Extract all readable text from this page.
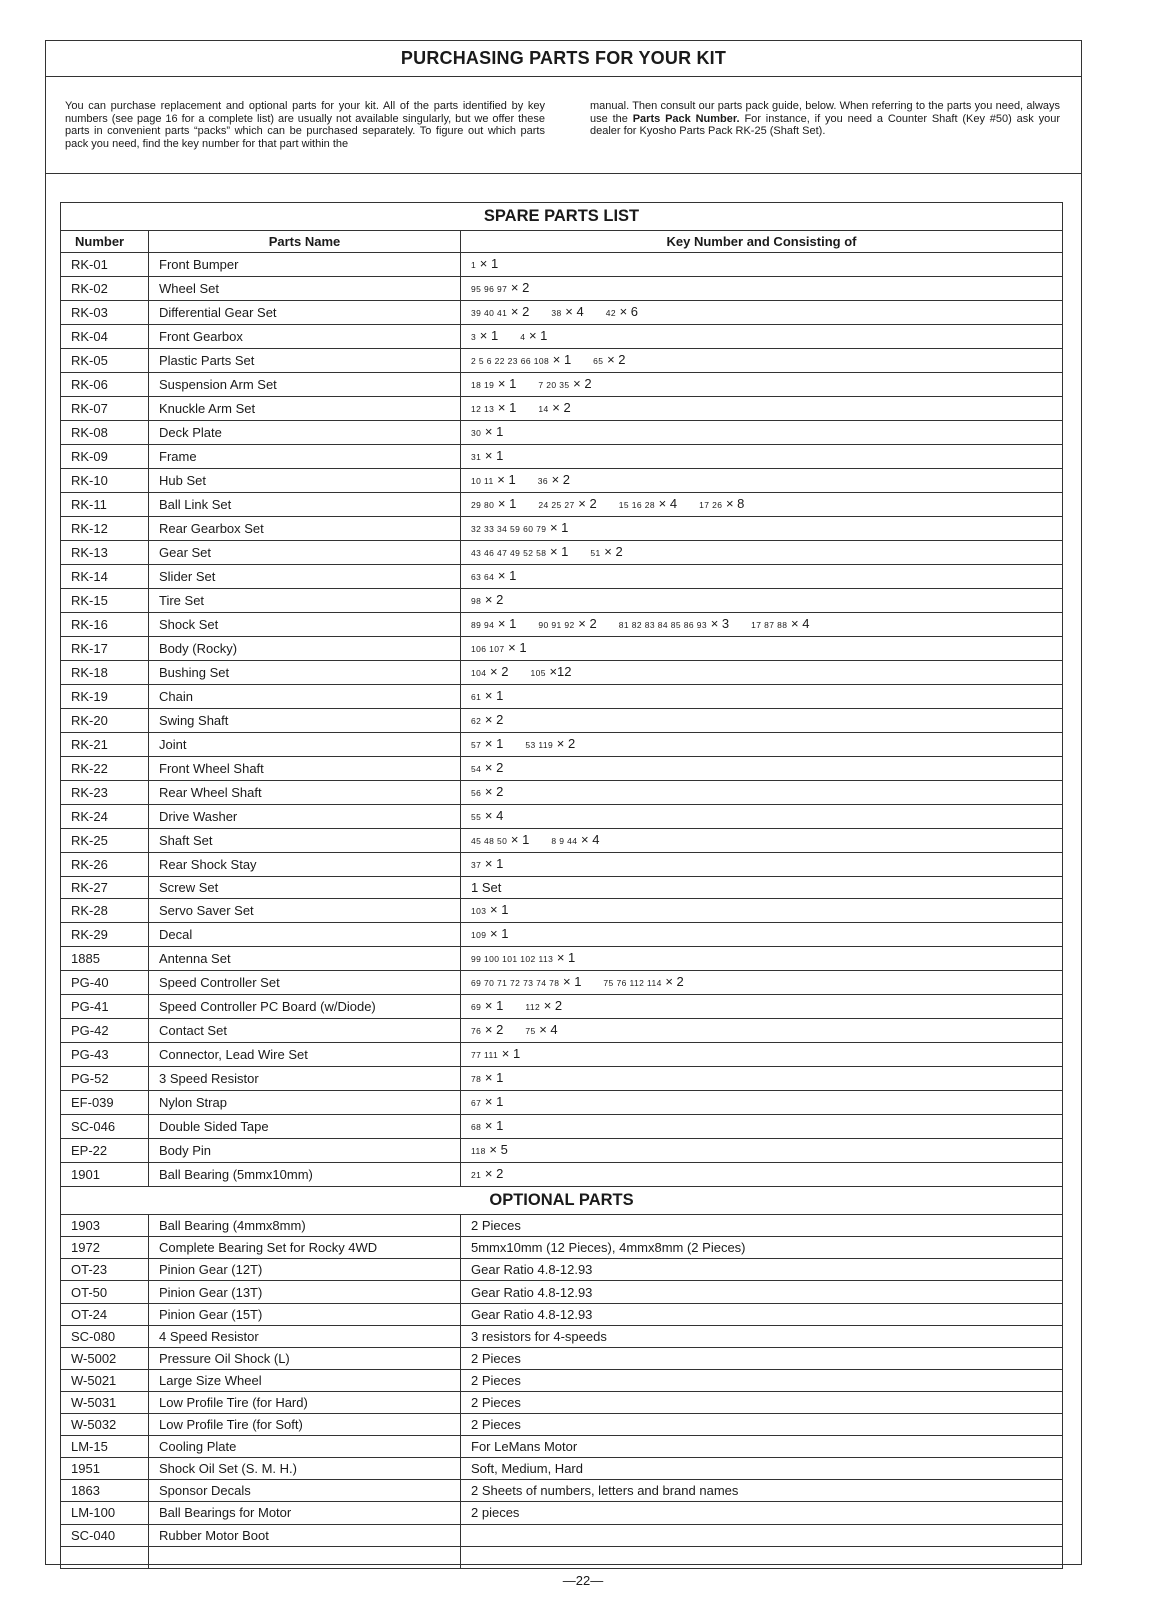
PURCHASING PARTS FOR YOUR KIT
You can purchase replacement and optional parts for your kit. All of the parts identified by key numbers (see page 16 for a complete list) are usually not available singularly, but we offer these parts in convenient parts “packs” which can be purchased separately. To figure out which parts pack you need, find the key number for that part within the
manual. Then consult our parts pack guide, below. When referring to the parts you need, always use the Parts Pack Number. For instance, if you need a Counter Shaft (Key #50) ask your dealer for Kyosho Parts Pack RK-25 (Shaft Set).
SPARE PARTS LIST		
Number	Parts Name	Key Number and Consisting of
RK-01	Front Bumper	1 × 1
RK-02	Wheel Set	95 96 97 × 2
RK-03	Differential Gear Set	39 40 41 × 2 38 × 4 42 × 6
RK-04	Front Gearbox	3 × 1 4 × 1
RK-05	Plastic Parts Set	2 5 6 22 23 66 108 × 1 65 × 2
RK-06	Suspension Arm Set	18 19 × 1 7 20 35 × 2
RK-07	Knuckle Arm Set	12 13 × 1 14 × 2
RK-08	Deck Plate	30 × 1
RK-09	Frame	31 × 1
RK-10	Hub Set	10 11 × 1 36 × 2
RK-11	Ball Link Set	29 80 × 1 24 25 27 × 2 15 16 28 × 4 17 26 × 8
RK-12	Rear Gearbox Set	32 33 34 59 60 79 × 1
RK-13	Gear Set	43 46 47 49 52 58 × 1 51 × 2
RK-14	Slider Set	63 64 × 1
RK-15	Tire Set	98 × 2
RK-16	Shock Set	89 94 × 1 90 91 92 × 2 81 82 83 84 85 86 93 × 3 17 87 88 × 4
RK-17	Body (Rocky)	106 107 × 1
RK-18	Bushing Set	104 × 2 105 ×12
RK-19	Chain	61 × 1
RK-20	Swing Shaft	62 × 2
RK-21	Joint	57 × 1 53 119 × 2
RK-22	Front Wheel Shaft	54 × 2
RK-23	Rear Wheel Shaft	56 × 2
RK-24	Drive Washer	55 × 4
RK-25	Shaft Set	45 48 50 × 1 8 9 44 × 4
RK-26	Rear Shock Stay	37 × 1
RK-27	Screw Set	1 Set
RK-28	Servo Saver Set	103 × 1
RK-29	Decal	109 × 1
1885	Antenna Set	99 100 101 102 113 × 1
PG-40	Speed Controller Set	69 70 71 72 73 74 78 × 1 75 76 112 114 × 2
PG-41	Speed Controller PC Board (w/Diode)	69 × 1 112 × 2
PG-42	Contact Set	76 × 2 75 × 4
PG-43	Connector, Lead Wire Set	77 111 × 1
PG-52	3 Speed Resistor	78 × 1
EF-039	Nylon Strap	67 × 1
SC-046	Double Sided Tape	68 × 1
EP-22	Body Pin	118 × 5
1901	Ball Bearing (5mmx10mm)	21 × 2
OPTIONAL PARTS		
1903	Ball Bearing (4mmx8mm)	2 Pieces
1972	Complete Bearing Set for Rocky 4WD	5mmx10mm (12 Pieces), 4mmx8mm (2 Pieces)
OT-23	Pinion Gear (12T)	Gear Ratio 4.8-12.93
OT-50	Pinion Gear (13T)	Gear Ratio 4.8-12.93
OT-24	Pinion Gear (15T)	Gear Ratio 4.8-12.93
SC-080	4 Speed Resistor	3 resistors for 4-speeds
W-5002	Pressure Oil Shock (L)	2 Pieces
W-5021	Large Size Wheel	2 Pieces
W-5031	Low Profile Tire (for Hard)	2 Pieces
W-5032	Low Profile Tire (for Soft)	2 Pieces
LM-15	Cooling Plate	For LeMans Motor
1951	Shock Oil Set (S. M. H.)	Soft, Medium, Hard
1863	Sponsor Decals	2 Sheets of numbers, letters and brand names
LM-100	Ball Bearings for Motor	2 pieces
SC-040	Rubber Motor Boot	

—22—
